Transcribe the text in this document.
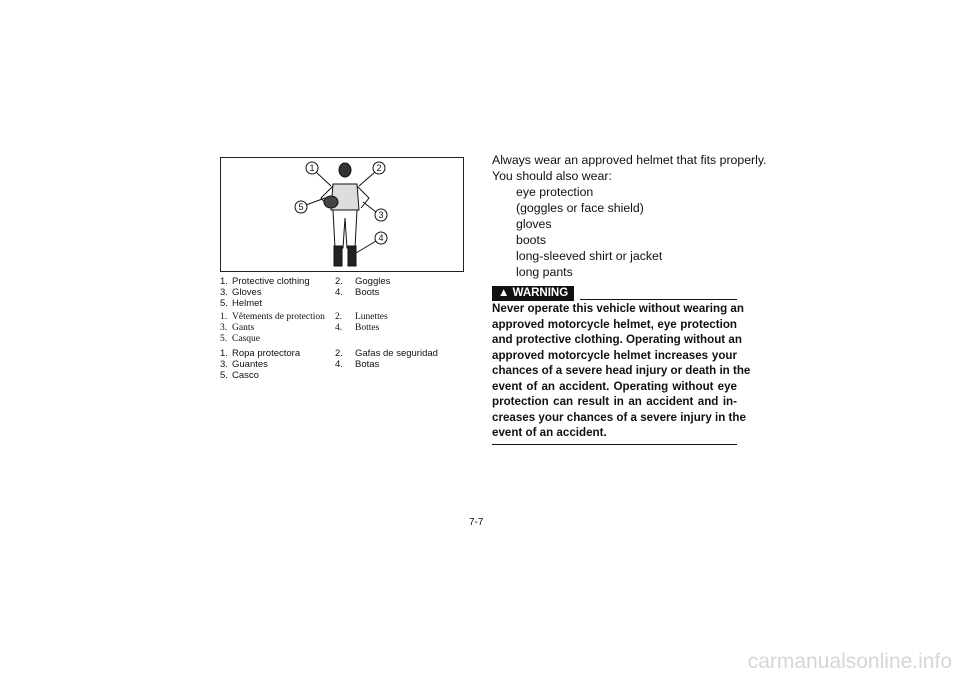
1	2
3
4
5
1. Protective clothing	2. Goggles
3. Gloves	4. Boots
5. Helmet
1. Vêtements de protection 2. Lunettes
3. Gants	4. Bottes
5. Casque
1. Ropa protectora	2. Gafas de seguridad
3. Guantes	4. Botas
5. Casco
Always wear an approved helmet that fits properly.
You should also wear:
eye protection
(goggles or face shield)
gloves
boots
long-sleeved shirt or jacket
long pants
▲ WARNING
Never operate this vehicle without wearing an
approved motorcycle helmet, eye protection
and protective clothing. Operating without an
approved motorcycle helmet increases your
chances of a severe head injury or death in the
event of an accident. Operating without eye
protection can result in an accident and in-
creases your chances of a severe injury in the
event of an accident.
7-7
carmanualsonline.info
